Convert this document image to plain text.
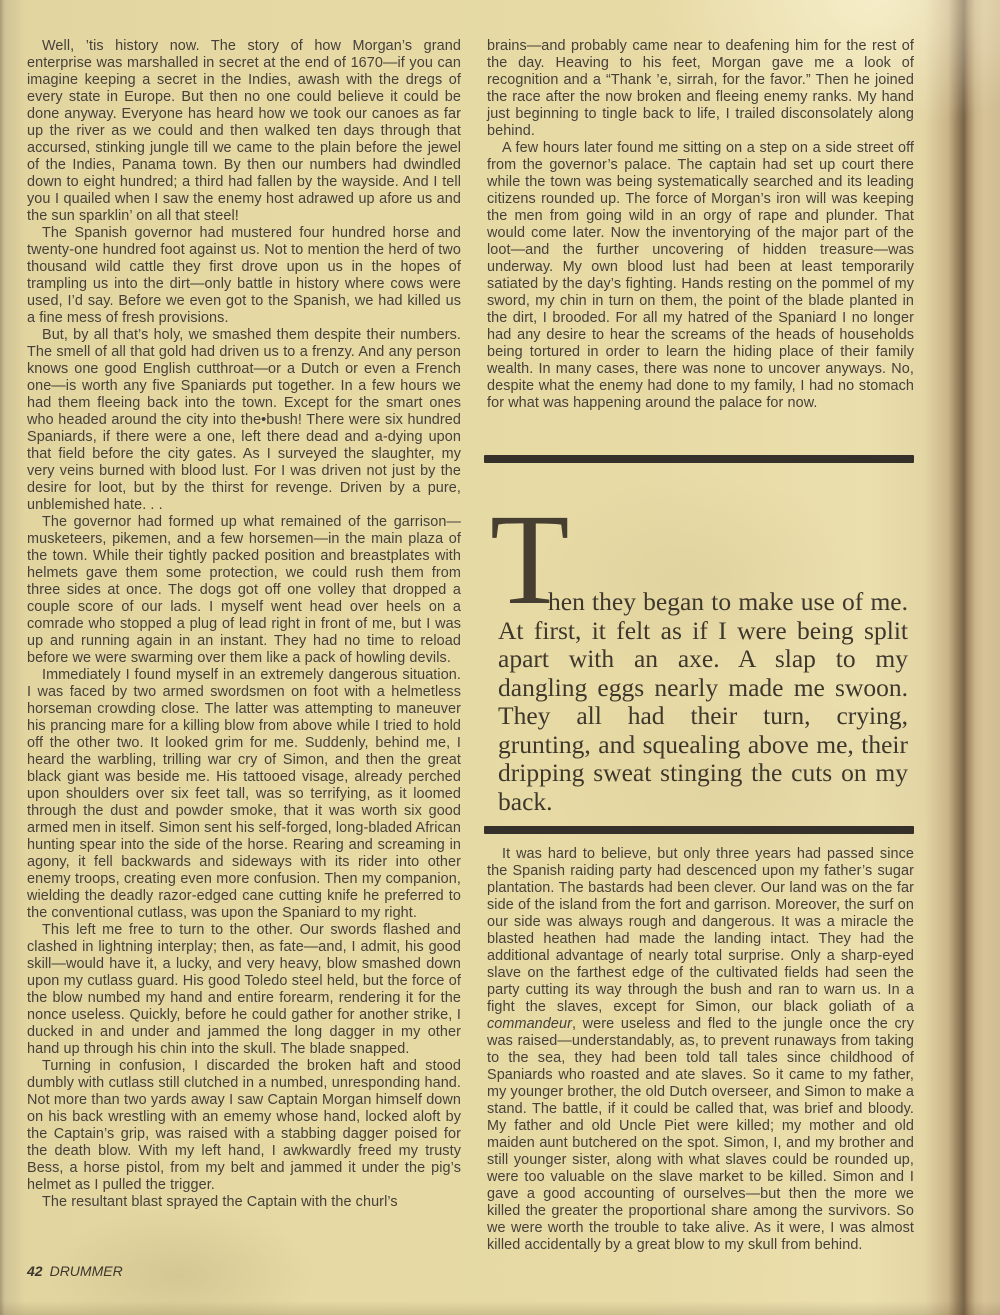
Well, ’tis history now. The story of how Morgan’s grand enterprise was marshalled in secret at the end of 1670—if you can imagine keeping a secret in the Indies, awash with the dregs of every state in Europe. But then no one could believe it could be done anyway. Everyone has heard how we took our canoes as far up the river as we could and then walked ten days through that accursed, stinking jungle till we came to the plain before the jewel of the Indies, Panama town. By then our numbers had dwindled down to eight hundred; a third had fallen by the wayside. And I tell you I quailed when I saw the enemy host adrawed up afore us and the sun sparklin’ on all that steel!

The Spanish governor had mustered four hundred horse and twenty-one hundred foot against us. Not to mention the herd of two thousand wild cattle they first drove upon us in the hopes of trampling us into the dirt—only battle in history where cows were used, I’d say. Before we even got to the Spanish, we had killed us a fine mess of fresh provisions.

But, by all that’s holy, we smashed them despite their numbers. The smell of all that gold had driven us to a frenzy. And any person knows one good English cutthroat—or a Dutch or even a French one—is worth any five Spaniards put together. In a few hours we had them fleeing back into the town. Except for the smart ones who headed around the city into the•bush! There were six hundred Spaniards, if there were a one, left there dead and a-dying upon that field before the city gates. As I surveyed the slaughter, my very veins burned with blood lust. For I was driven not just by the desire for loot, but by the thirst for revenge. Driven by a pure, unblemished hate. . .

The governor had formed up what remained of the garrison—musketeers, pikemen, and a few horsemen—in the main plaza of the town. While their tightly packed position and breastplates with helmets gave them some protection, we could rush them from three sides at once. The dogs got off one volley that dropped a couple score of our lads. I myself went head over heels on a comrade who stopped a plug of lead right in front of me, but I was up and running again in an instant. They had no time to reload before we were swarming over them like a pack of howling devils.

Immediately I found myself in an extremely dangerous situation. I was faced by two armed swordsmen on foot with a helmetless horseman crowding close. The latter was attempting to maneuver his prancing mare for a killing blow from above while I tried to hold off the other two. It looked grim for me. Suddenly, behind me, I heard the warbling, trilling war cry of Simon, and then the great black giant was beside me. His tattooed visage, already perched upon shoulders over six feet tall, was so terrifying, as it loomed through the dust and powder smoke, that it was worth six good armed men in itself. Simon sent his self-forged, long-bladed African hunting spear into the side of the horse. Rearing and screaming in agony, it fell backwards and sideways with its rider into other enemy troops, creating even more confusion. Then my companion, wielding the deadly razor-edged cane cutting knife he preferred to the conventional cutlass, was upon the Spaniard to my right.

This left me free to turn to the other. Our swords flashed and clashed in lightning interplay; then, as fate—and, I admit, his good skill—would have it, a lucky, and very heavy, blow smashed down upon my cutlass guard. His good Toledo steel held, but the force of the blow numbed my hand and entire forearm, rendering it for the nonce useless. Quickly, before he could gather for another strike, I ducked in and under and jammed the long dagger in my other hand up through his chin into the skull. The blade snapped.

Turning in confusion, I discarded the broken haft and stood dumbly with cutlass still clutched in a numbed, unresponding hand. Not more than two yards away I saw Captain Morgan himself down on his back wrestling with an ememy whose hand, locked aloft by the Captain’s grip, was raised with a stabbing dagger poised for the death blow. With my left hand, I awkwardly freed my trusty Bess, a horse pistol, from my belt and jammed it under the pig’s helmet as I pulled the trigger.

The resultant blast sprayed the Captain with the churl’s

brains—and probably came near to deafening him for the rest of the day. Heaving to his feet, Morgan gave me a look of recognition and a “Thank ’e, sirrah, for the favor.” Then he joined the race after the now broken and fleeing enemy ranks. My hand just beginning to tingle back to life, I trailed disconsolately along behind.

A few hours later found me sitting on a step on a side street off from the governor’s palace. The captain had set up court there while the town was being systematically searched and its leading citizens rounded up. The force of Morgan’s iron will was keeping the men from going wild in an orgy of rape and plunder. That would come later. Now the inventorying of the major part of the loot—and the further uncovering of hidden treasure—was underway. My own blood lust had been at least temporarily satiated by the day’s fighting. Hands resting on the pommel of my sword, my chin in turn on them, the point of the blade planted in the dirt, I brooded. For all my hatred of the Spaniard I no longer had any desire to hear the screams of the heads of households being tortured in order to learn the hiding place of their family wealth. In many cases, there was none to uncover anyways. No, despite what the enemy had done to my family, I had no stomach for what was happening around the palace for now.

T

hen they began to make use of me. At first, it felt as if I were being split apart with an axe. A slap to my dangling eggs nearly made me swoon. They all had their turn, crying, grunting, and squealing above me, their dripping sweat stinging the cuts on my back.

It was hard to believe, but only three years had passed since the Spanish raiding party had descenced upon my father’s sugar plantation. The bastards had been clever. Our land was on the far side of the island from the fort and garrison. Moreover, the surf on our side was always rough and dangerous. It was a miracle the blasted heathen had made the landing intact. They had the additional advantage of nearly total surprise. Only a sharp-eyed slave on the farthest edge of the cultivated fields had seen the party cutting its way through the bush and ran to warn us. In a fight the slaves, except for Simon, our black goliath of a commandeur, were useless and fled to the jungle once the cry was raised—understandably, as, to prevent runaways from taking to the sea, they had been told tall tales since childhood of Spaniards who roasted and ate slaves. So it came to my father, my younger brother, the old Dutch overseer, and Simon to make a stand. The battle, if it could be called that, was brief and bloody. My father and old Uncle Piet were killed; my mother and old maiden aunt butchered on the spot. Simon, I, and my brother and still younger sister, along with what slaves could be rounded up, were too valuable on the slave market to be killed. Simon and I gave a good accounting of ourselves—but then the more we killed the greater the proportional share among the survivors. So we were worth the trouble to take alive. As it were, I was almost killed accidentally by a great blow to my skull from behind.

42 DRUMMER
